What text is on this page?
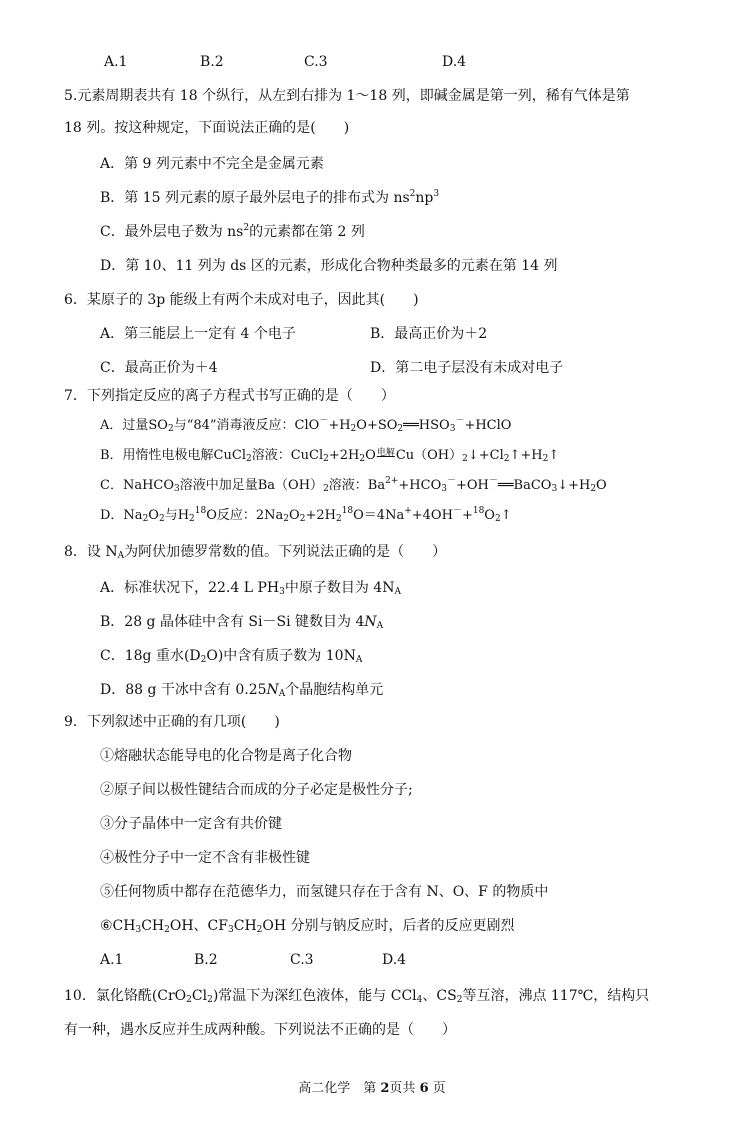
A.1	B.2	C.3	D.4
5.元素周期表共有 18 个纵行，从左到右排为 1～18 列，即碱金属是第一列，稀有气体是第
18 列。按这种规定，下面说法正确的是(　　)
A．第 9 列元素中不完全是金属元素
B．第 15 列元素的原子最外层电子的排布式为 $ns^2np^3$
C．最外层电子数为 $ns^2$的元素都在第 2 列
D．第 10、11 列为 ds 区的元素，形成化合物种类最多的元素在第 14 列
6．某原子的 3p 能级上有两个未成对电子，因此其(　　)
A．第三能层上一定有 4 个电子	B．最高正价为＋2
C．最高正价为＋4	D．第二电子层没有未成对电子
7．下列指定反应的离子方程式书写正确的是（　　）
A．过量$SO_2$与“84”消毒液反应：$ClO^-+H_2O+SO_2══HSO_3^-+HClO$
B．用惰性电极电解CuCl$_2$溶液：$CuCl_2+2H_2O$电解$Cu(OH)_2↓+Cl_2↑+H_2↑$
C．NaHCO$_3$溶液中加足量$Ba(OH)_2$溶液：$Ba^{2+}+HCO_3^-+OH^-══BaCO_3↓+H_2O$
D．$Na_2O_2$与$H_2^{18}O$反应：$2Na_2O_2+2H_2^{18}O=4Na^++4OH^-+^{18}O_2↑$
8．设 $N_A$为阿伏加德罗常数的值。下列说法正确的是（　　）
A．标准状况下，22.4 L $PH_3$中原子数目为 $4N_A$
B．28 g 晶体硅中含有 Si－Si 键数目为 $4N_A$
C．18g 重水$(D_2O)$中含有质子数为 $10N_A$
D．88 g 干冰中含有 $0.25N_A$个晶胞结构单元
9．下列叙述中正确的有几项(　　)
①熔融状态能导电的化合物是离子化合物
②原子间以极性键结合而成的分子必定是极性分子;
③分子晶体中一定含有共价键
④极性分子中一定不含有非极性键
⑤任何物质中都存在范德华力，而氢键只存在于含有 N、O、F 的物质中
$⑥CH_3CH_2OH$、$CF_3CH_2OH$ 分别与钠反应时，后者的反应更剧烈
A.1	B.2	C.3	D.4
10．氯化铬酰$(CrO_2Cl_2)$常温下为深红色液体，能与 CCl$_4$、$CS_2$等互溶，沸点 117℃，结构只
有一种，遇水反应并生成两种酸。下列说法不正确的是（　　）
高二化学　第 2页共 6 页
